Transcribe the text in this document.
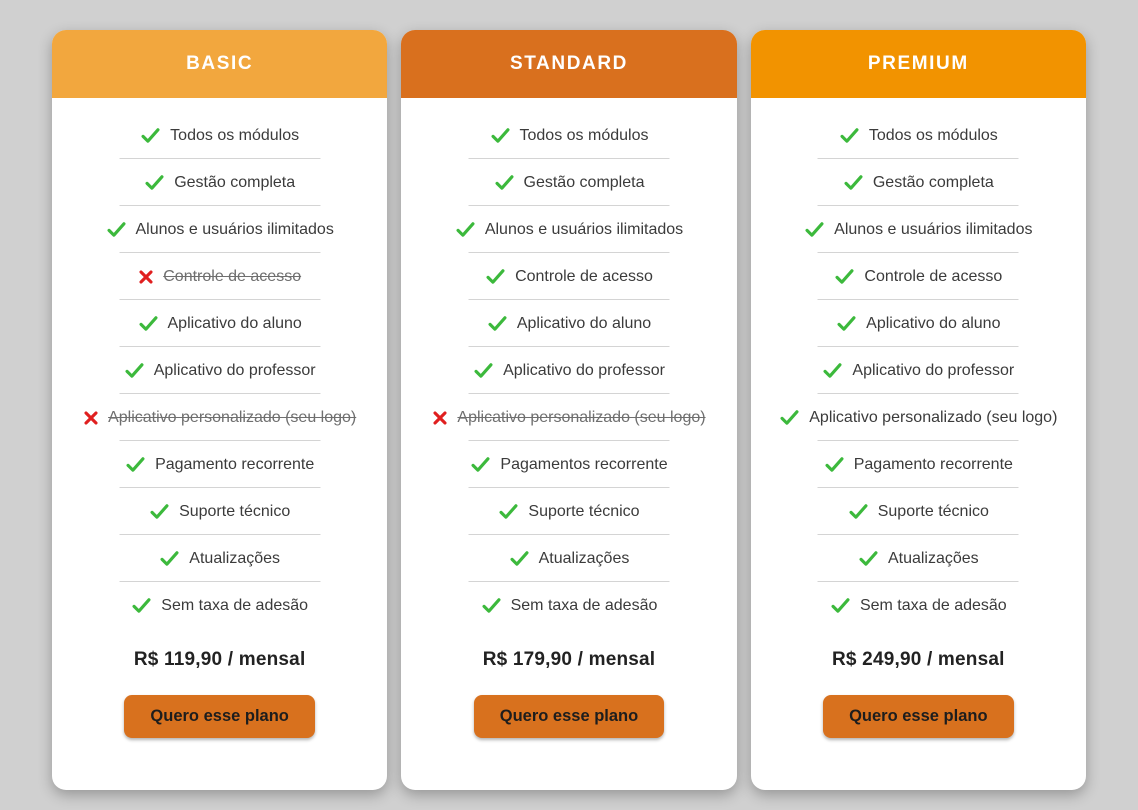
BASIC
Todos os módulos
Gestão completa
Alunos e usuários ilimitados
Controle de acesso
Aplicativo do aluno
Aplicativo do professor
Aplicativo personalizado (seu logo)
Pagamento recorrente
Suporte técnico
Atualizações
Sem taxa de adesão
R$ 119,90 / mensal
Quero esse plano
STANDARD
Todos os módulos
Gestão completa
Alunos e usuários ilimitados
Controle de acesso
Aplicativo do aluno
Aplicativo do professor
Aplicativo personalizado (seu logo)
Pagamentos recorrente
Suporte técnico
Atualizações
Sem taxa de adesão
R$ 179,90 / mensal
Quero esse plano
PREMIUM
Todos os módulos
Gestão completa
Alunos e usuários ilimitados
Controle de acesso
Aplicativo do aluno
Aplicativo do professor
Aplicativo personalizado (seu logo)
Pagamento recorrente
Suporte técnico
Atualizações
Sem taxa de adesão
R$ 249,90 / mensal
Quero esse plano
